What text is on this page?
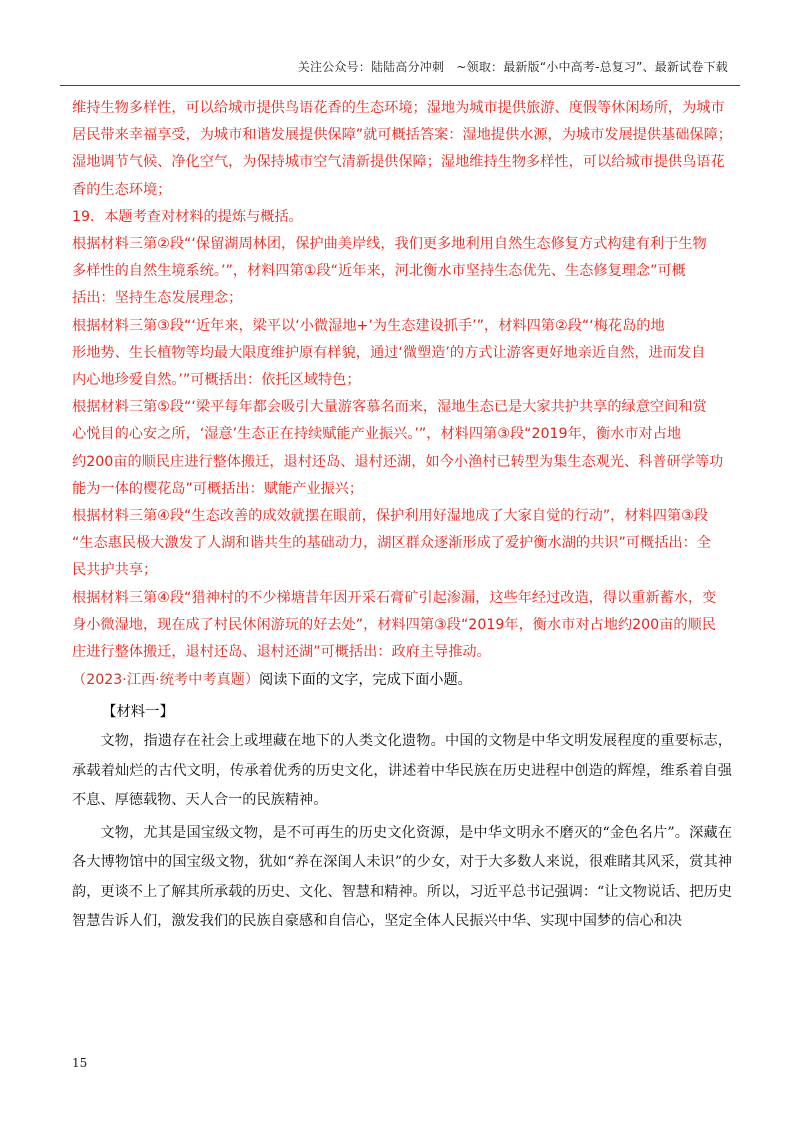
关注公众号：陆陆高分冲刺　~领取：最新版“小中高考-总复习”、最新试卷下载

维持生物多样性，可以给城市提供鸟语花香的生态环境；湿地为城市提供旅游、度假等休闲场所，为城市

居民带来幸福享受，为城市和谐发展提供保障”就可概括答案：湿地提供水源，为城市发展提供基础保障；

湿地调节气候、净化空气，为保持城市空气清新提供保障；湿地维持生物多样性，可以给城市提供鸟语花

香的生态环境；

19．本题考查对材料的提炼与概括。

根据材料三第②段“‘保留湖周林团，保护曲美岸线，我们更多地利用自然生态修复方式构建有利于生物

多样性的自然生境系统。’”，材料四第①段“近年来，河北衡水市坚持生态优先、生态修复理念”可概

括出：坚持生态发展理念；

根据材料三第③段“‘近年来，梁平以‘小微湿地+’为生态建设抓手’”，材料四第②段“‘梅花岛的地

形地势、生长植物等均最大限度维护原有样貌，通过‘微塑造’的方式让游客更好地亲近自然，进而发自

内心地珍爱自然。’”可概括出：依托区域特色；

根据材料三第⑤段“‘梁平每年都会吸引大量游客慕名而来，湿地生态已是大家共护共享的绿意空间和赏

心悦目的心安之所，‘湿意’生态正在持续赋能产业振兴。’”，材料四第③段“2019年，衡水市对占地

约200亩的顺民庄进行整体搬迁，退村还岛、退村还湖，如今小渔村已转型为集生态观光、科普研学等功

能为一体的樱花岛”可概括出：赋能产业振兴；

根据材料三第④段“生态改善的成效就摆在眼前，保护利用好湿地成了大家自觉的行动”，材料四第③段

“生态惠民极大激发了人湖和谐共生的基础动力，湖区群众逐渐形成了爱护衡水湖的共识”可概括出：全

民共护共享；

根据材料三第④段“猎神村的不少梯塘昔年因开采石膏矿引起渗漏，这些年经过改造，得以重新蓄水，变

身小微湿地，现在成了村民休闲游玩的好去处”，材料四第③段“2019年，衡水市对占地约200亩的顺民

庄进行整体搬迁，退村还岛、退村还湖”可概括出：政府主导推动。

（2023·江西·统考中考真题）阅读下面的文字，完成下面小题。

【材料一】

文物，指遗存在社会上或埋藏在地下的人类文化遗物。中国的文物是中华文明发展程度的重要标志，承载着灿烂的古代文明，传承着优秀的历史文化，讲述着中华民族在历史进程中创造的辉煌，维系着自强不息、厚德载物、天人合一的民族精神。

文物，尤其是国宝级文物，是不可再生的历史文化资源，是中华文明永不磨灭的“金色名片”。深藏在各大博物馆中的国宝级文物，犹如“养在深闺人未识”的少女，对于大多数人来说，很难睹其风采，赏其神韵，更谈不上了解其所承载的历史、文化、智慧和精神。所以，习近平总书记强调：“让文物说话、把历史智慧告诉人们，激发我们的民族自豪感和自信心，坚定全体人民振兴中华、实现中国梦的信心和决

15
